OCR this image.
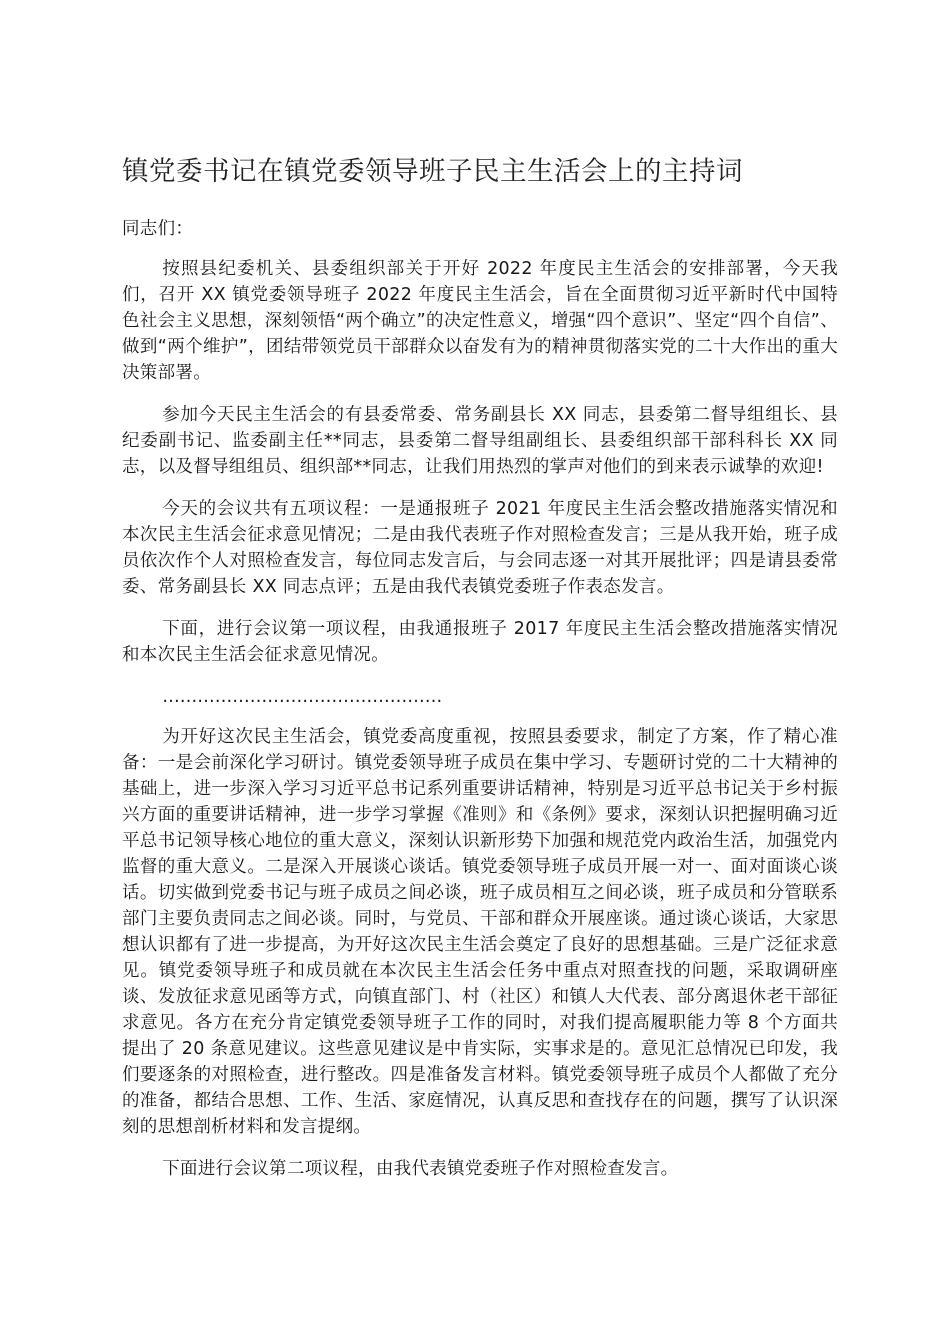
镇党委书记在镇党委领导班子民主生活会上的主持词

同志们：

按照县纪委机关、县委组织部关于开好 2022 年度民主生活会的安排部署，今天我们，召开 XX 镇党委领导班子 2022 年度民主生活会，旨在全面贯彻习近平新时代中国特色社会主义思想，深刻领悟“两个确立”的决定性意义，增强“四个意识”、坚定“四个自信”、做到“两个维护”，团结带领党员干部群众以奋发有为的精神贯彻落实党的二十大作出的重大决策部署。

参加今天民主生活会的有县委常委、常务副县长 XX 同志，县委第二督导组组长、县纪委副书记、监委副主任**同志，县委第二督导组副组长、县委组织部干部科科长 XX 同志，以及督导组组员、组织部**同志，让我们用热烈的掌声对他们的到来表示诚挚的欢迎!

今天的会议共有五项议程：一是通报班子 2021 年度民主生活会整改措施落实情况和本次民主生活会征求意见情况；二是由我代表班子作对照检查发言；三是从我开始，班子成员依次作个人对照检查发言，每位同志发言后，与会同志逐一对其开展批评；四是请县委常委、常务副县长 XX 同志点评；五是由我代表镇党委班子作表态发言。

下面，进行会议第一项议程，由我通报班子 2017 年度民主生活会整改措施落实情况和本次民主生活会征求意见情况。

…………………………………………

为开好这次民主生活会，镇党委高度重视，按照县委要求，制定了方案，作了精心准备：一是会前深化学习研讨。镇党委领导班子成员在集中学习、专题研讨党的二十大精神的基础上，进一步深入学习习近平总书记系列重要讲话精神，特别是习近平总书记关于乡村振兴方面的重要讲话精神，进一步学习掌握《准则》和《条例》要求，深刻认识把握明确习近平总书记领导核心地位的重大意义，深刻认识新形势下加强和规范党内政治生活，加强党内监督的重大意义。二是深入开展谈心谈话。镇党委领导班子成员开展一对一、面对面谈心谈话。切实做到党委书记与班子成员之间必谈，班子成员相互之间必谈，班子成员和分管联系部门主要负责同志之间必谈。同时，与党员、干部和群众开展座谈。通过谈心谈话，大家思想认识都有了进一步提高，为开好这次民主生活会奠定了良好的思想基础。三是广泛征求意见。镇党委领导班子和成员就在本次民主生活会任务中重点对照查找的问题，采取调研座谈、发放征求意见函等方式，向镇直部门、村（社区）和镇人大代表、部分离退休老干部征求意见。各方在充分肯定镇党委领导班子工作的同时，对我们提高履职能力等 8 个方面共提出了 20 条意见建议。这些意见建议是中肯实际，实事求是的。意见汇总情况已印发，我们要逐条的对照检查，进行整改。四是准备发言材料。镇党委领导班子成员个人都做了充分的准备，都结合思想、工作、生活、家庭情况，认真反思和查找存在的问题，撰写了认识深刻的思想剖析材料和发言提纲。

下面进行会议第二项议程，由我代表镇党委班子作对照检查发言。
